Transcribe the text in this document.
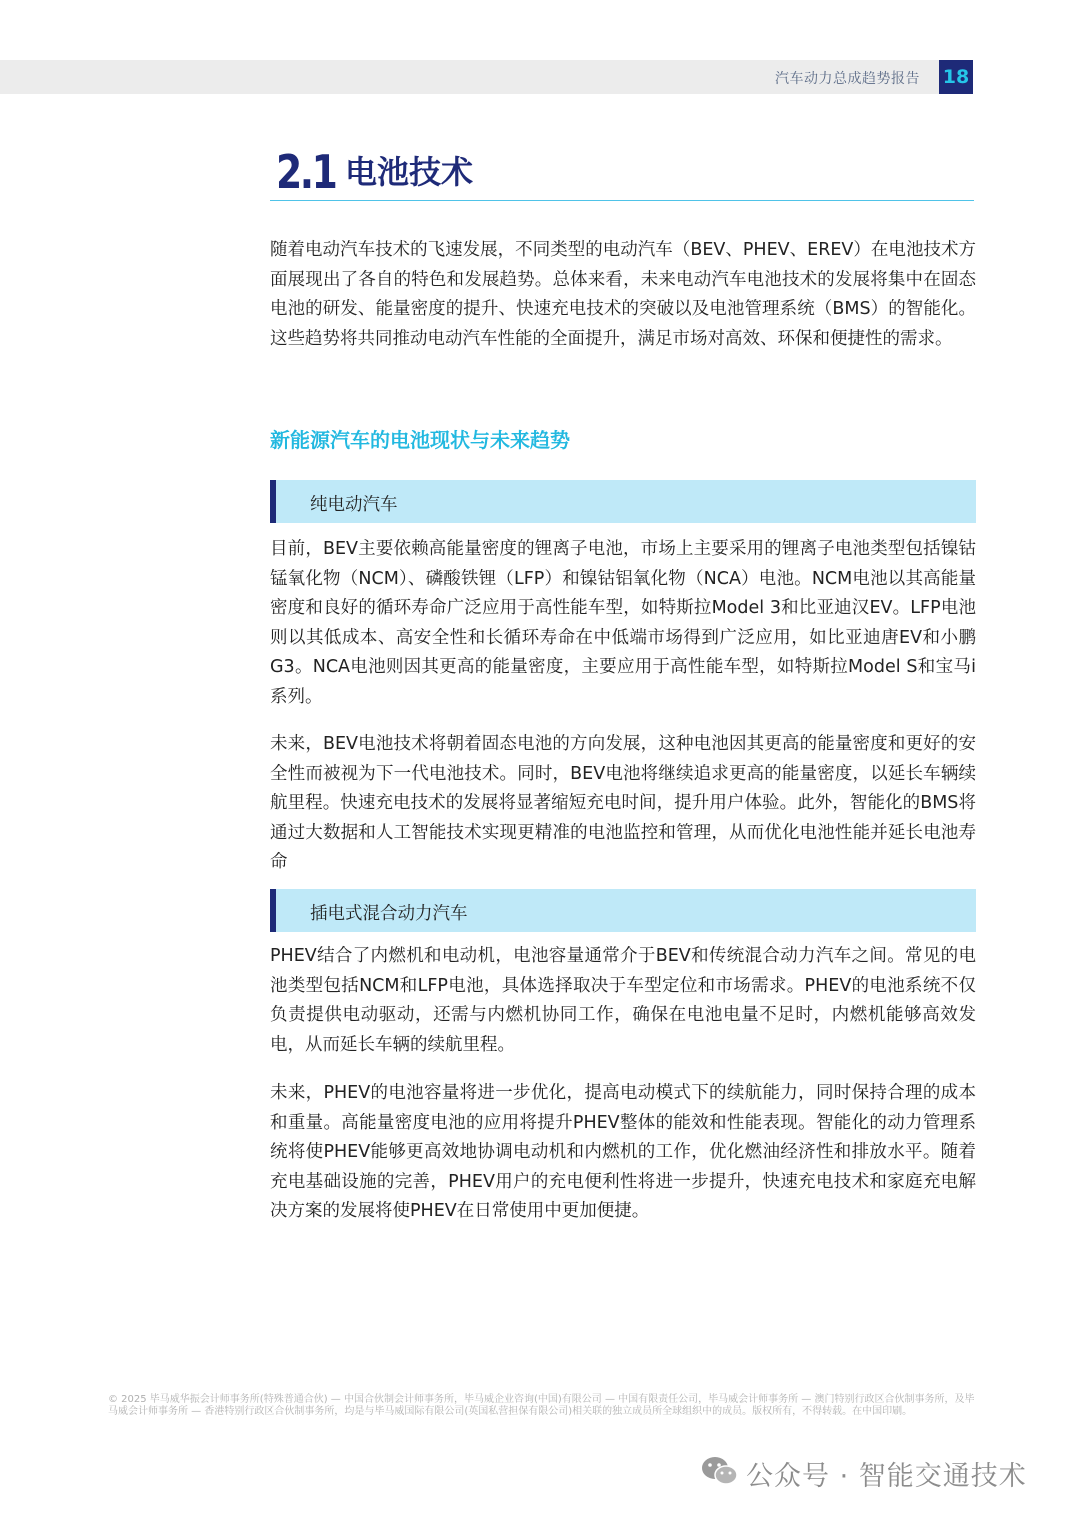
汽车动力总成趋势报告 18
2.1 电池技术
随着电动汽车技术的飞速发展，不同类型的电动汽车（BEV、PHEV、EREV）在电池技术方面展现出了各自的特色和发展趋势。总体来看，未来电动汽车电池技术的发展将集中在固态电池的研发、能量密度的提升、快速充电技术的突破以及电池管理系统（BMS）的智能化。这些趋势将共同推动电动汽车性能的全面提升，满足市场对高效、环保和便捷性的需求。
新能源汽车的电池现状与未来趋势
纯电动汽车
目前，BEV主要依赖高能量密度的锂离子电池，市场上主要采用的锂离子电池类型包括镍钴锰氧化物（NCM）、磷酸铁锂（LFP）和镍钴铝氧化物（NCA）电池。NCM电池以其高能量密度和良好的循环寿命广泛应用于高性能车型，如特斯拉Model 3和比亚迪汉EV。LFP电池则以其低成本、高安全性和长循环寿命在中低端市场得到广泛应用，如比亚迪唐EV和小鹏G3。NCA电池则因其更高的能量密度，主要应用于高性能车型，如特斯拉Model S和宝马i系列。
未来，BEV电池技术将朝着固态电池的方向发展，这种电池因其更高的能量密度和更好的安全性而被视为下一代电池技术。同时，BEV电池将继续追求更高的能量密度，以延长车辆续航里程。快速充电技术的发展将显著缩短充电时间，提升用户体验。此外，智能化的BMS将通过大数据和人工智能技术实现更精准的电池监控和管理，从而优化电池性能并延长电池寿命
插电式混合动力汽车
PHEV结合了内燃机和电动机，电池容量通常介于BEV和传统混合动力汽车之间。常见的电池类型包括NCM和LFP电池，具体选择取决于车型定位和市场需求。PHEV的电池系统不仅负责提供电动驱动，还需与内燃机协同工作，确保在电池电量不足时，内燃机能够高效发电，从而延长车辆的续航里程。
未来，PHEV的电池容量将进一步优化，提高电动模式下的续航能力，同时保持合理的成本和重量。高能量密度电池的应用将提升PHEV整体的能效和性能表现。智能化的动力管理系统将使PHEV能够更高效地协调电动机和内燃机的工作，优化燃油经济性和排放水平。随着充电基础设施的完善，PHEV用户的充电便利性将进一步提升，快速充电技术和家庭充电解决方案的发展将使PHEV在日常使用中更加便捷。
© 2025 毕马威华振会计师事务所(特殊普通合伙) — 中国合伙制会计师事务所，毕马威企业咨询(中国)有限公司 — 中国有限责任公司，毕马威会计师事务所 — 澳门特别行政区合伙制事务所，及毕马威会计师事务所 — 香港特别行政区合伙制事务所，均是与毕马威国际有限公司(英国私营担保有限公司)相关联的独立成员所全球组织中的成员。版权所有，不得转载。在中国印刷。
公众号 · 智能交通技术
